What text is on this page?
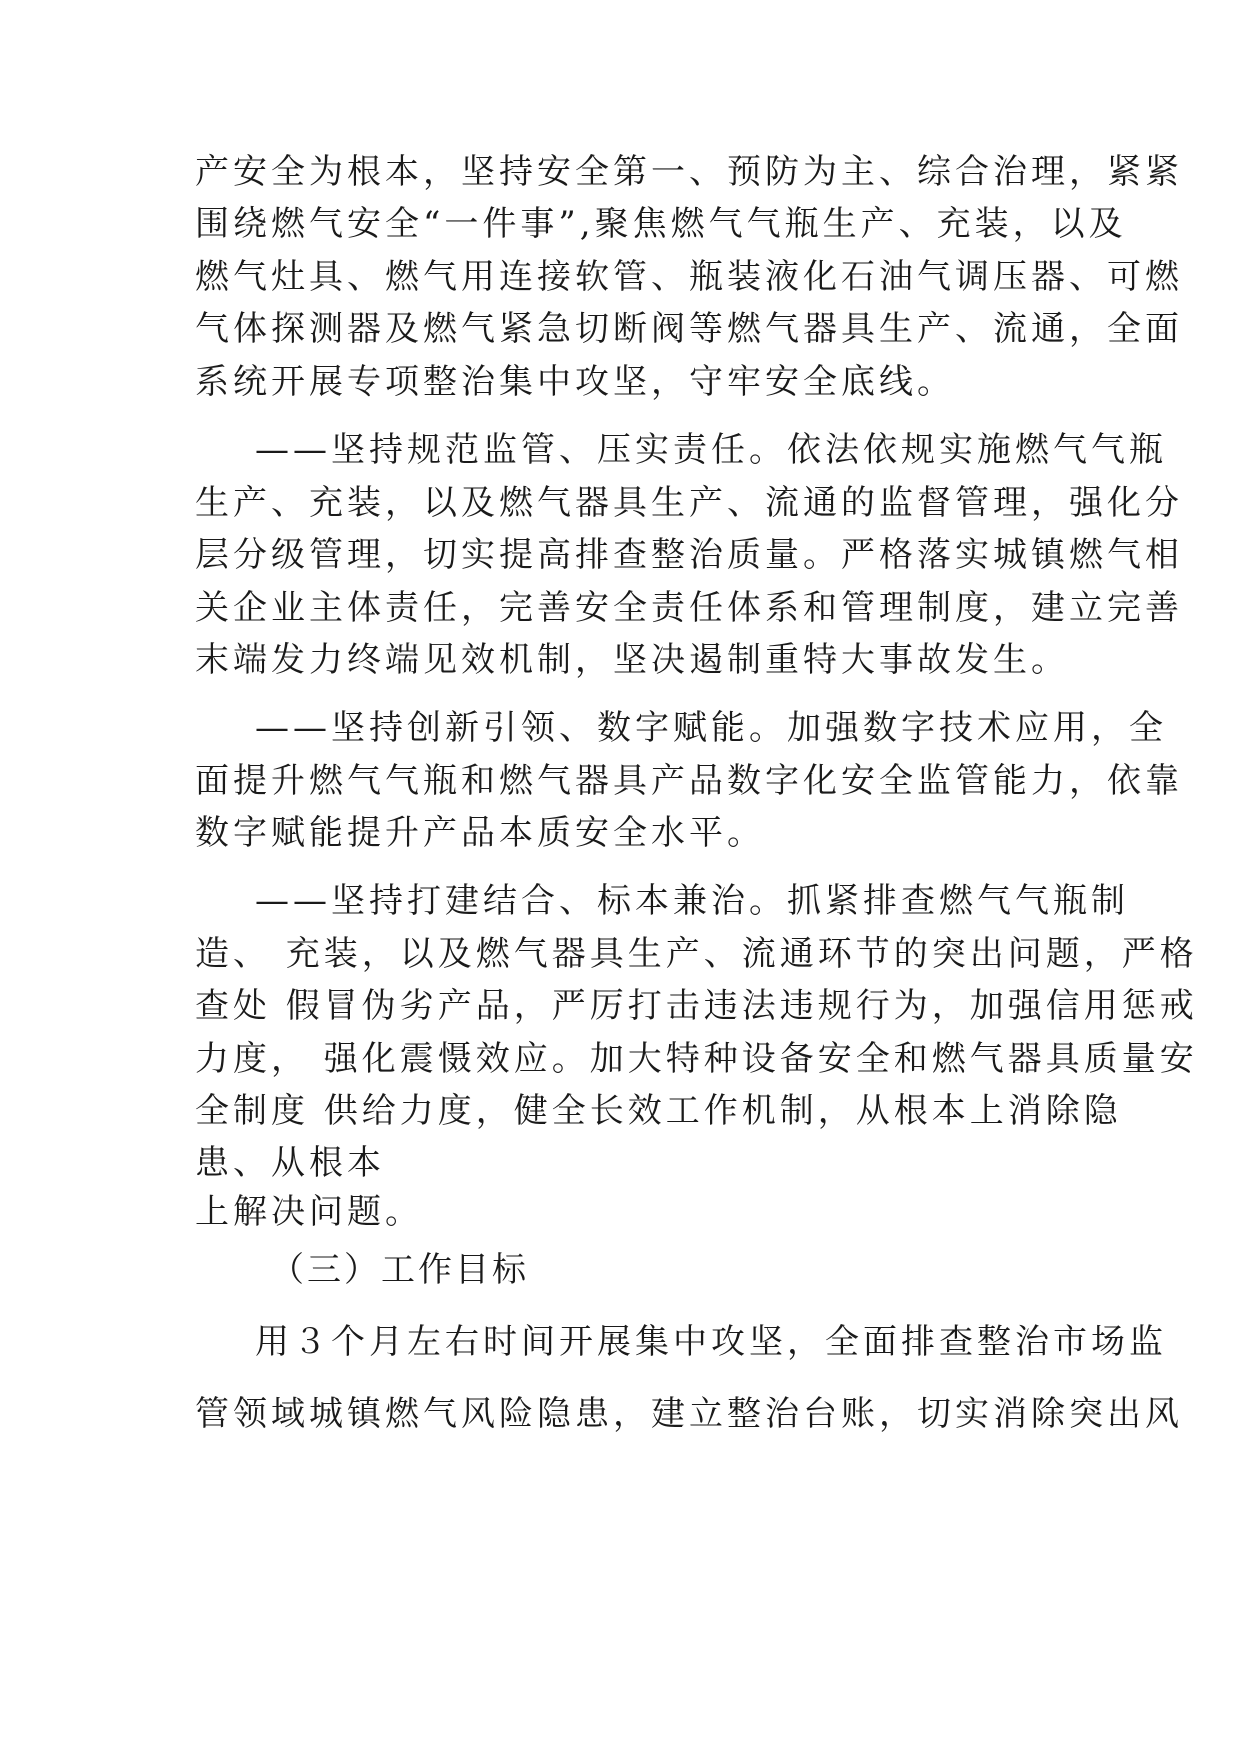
产安全为根本，坚持安全第一、预防为主、综合治理，紧紧
围绕燃气安全“一件事”,聚焦燃气气瓶生产、充装，以及
燃气灶具、燃气用连接软管、瓶装液化石油气调压器、可燃
气体探测器及燃气紧急切断阀等燃气器具生产、流通，全面
系统开展专项整治集中攻坚，守牢安全底线。
——坚持规范监管、压实责任。依法依规实施燃气气瓶
生产、充装，以及燃气器具生产、流通的监督管理，强化分
层分级管理，切实提高排查整治质量。严格落实城镇燃气相
关企业主体责任，完善安全责任体系和管理制度，建立完善
末端发力终端见效机制，坚决遏制重特大事故发生。
——坚持创新引领、数字赋能。加强数字技术应用，全
面提升燃气气瓶和燃气器具产品数字化安全监管能力，依靠
数字赋能提升产品本质安全水平。
——坚持打建结合、标本兼治。抓紧排查燃气气瓶制
造、 充装，以及燃气器具生产、流通环节的突出问题，严格
查处 假冒伪劣产品，严厉打击违法违规行为，加强信用惩戒
力度， 强化震慑效应。加大特种设备安全和燃气器具质量安
全制度 供给力度，健全长效工作机制，从根本上消除隐
患、从根本
上解决问题。
（三）工作目标
用３个月左右时间开展集中攻坚，全面排查整治市场监
管领域城镇燃气风险隐患，建立整治台账，切实消除突出风
